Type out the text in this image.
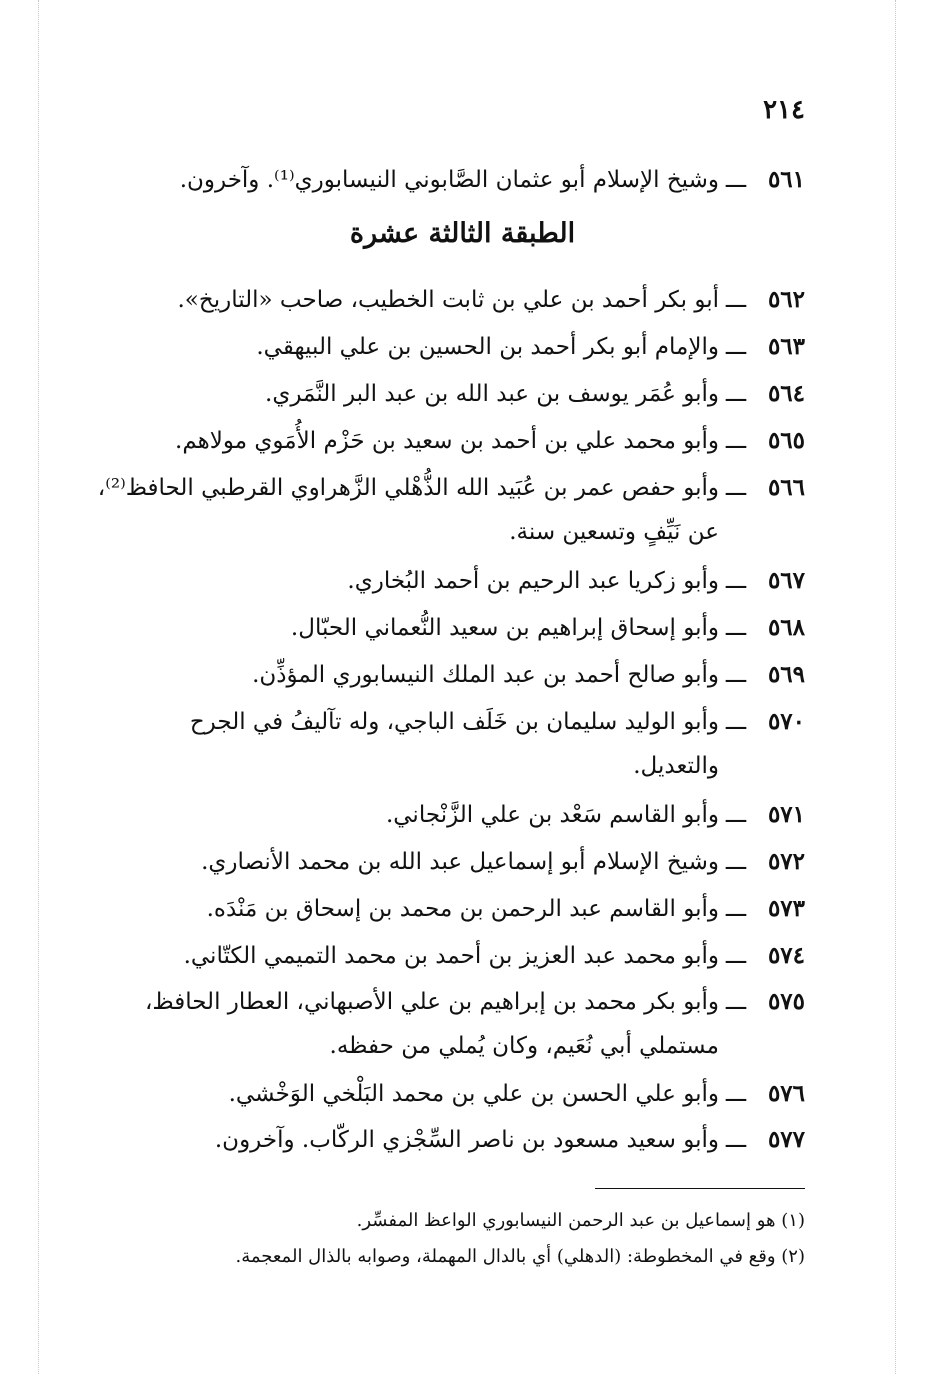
٢١٤
٥٦١ـــوشيخ الإسلام أبو عثمان الصَّابوني النيسابوري⁽¹⁾. وآخرون.
الطبقة الثالثة عشرة
٥٦٢ـــأبو بكر أحمد بن علي بن ثابت الخطيب، صاحب «التاريخ».
٥٦٣ـــوالإمام أبو بكر أحمد بن الحسين بن علي البيهقي.
٥٦٤ـــوأبو عُمَر يوسف بن عبد الله بن عبد البر النَّمَري.
٥٦٥ـــوأبو محمد علي بن أحمد بن سعيد بن حَزْم الأُمَوي مولاهم.
٥٦٦ـــوأبو حفص عمر بن عُبَيد الله الذُّهْلي الزَّهراوي القرطبي الحافظ⁽²⁾،
عن نَيِّفٍ وتسعين سنة.
٥٦٧ـــوأبو زكريا عبد الرحيم بن أحمد البُخاري.
٥٦٨ـــوأبو إسحاق إبراهيم بن سعيد النُّعماني الحبّال.
٥٦٩ـــوأبو صالح أحمد بن عبد الملك النيسابوري المؤذِّن.
٥٧٠ـــوأبو الوليد سليمان بن خَلَف الباجي، وله تآليفُ في الجرح
والتعديل.
٥٧١ـــوأبو القاسم سَعْد بن علي الزَّنْجاني.
٥٧٢ـــوشيخ الإسلام أبو إسماعيل عبد الله بن محمد الأنصاري.
٥٧٣ـــوأبو القاسم عبد الرحمن بن محمد بن إسحاق بن مَنْدَه.
٥٧٤ـــوأبو محمد عبد العزيز بن أحمد بن محمد التميمي الكتّاني.
٥٧٥ـــوأبو بكر محمد بن إبراهيم بن علي الأصبهاني، العطار الحافظ،
مستملي أبي نُعَيم، وكان يُملي من حفظه.
٥٧٦ـــوأبو علي الحسن بن علي بن محمد البَلْخي الوَخْشي.
٥٧٧ـــوأبو سعيد مسعود بن ناصر السِّجْزي الركّاب. وآخرون.
(١) هو إسماعيل بن عبد الرحمن النيسابوري الواعظ المفسِّر.
(٢) وقع في المخطوطة: (الدهلي) أي بالدال المهملة، وصوابه بالذال المعجمة.
